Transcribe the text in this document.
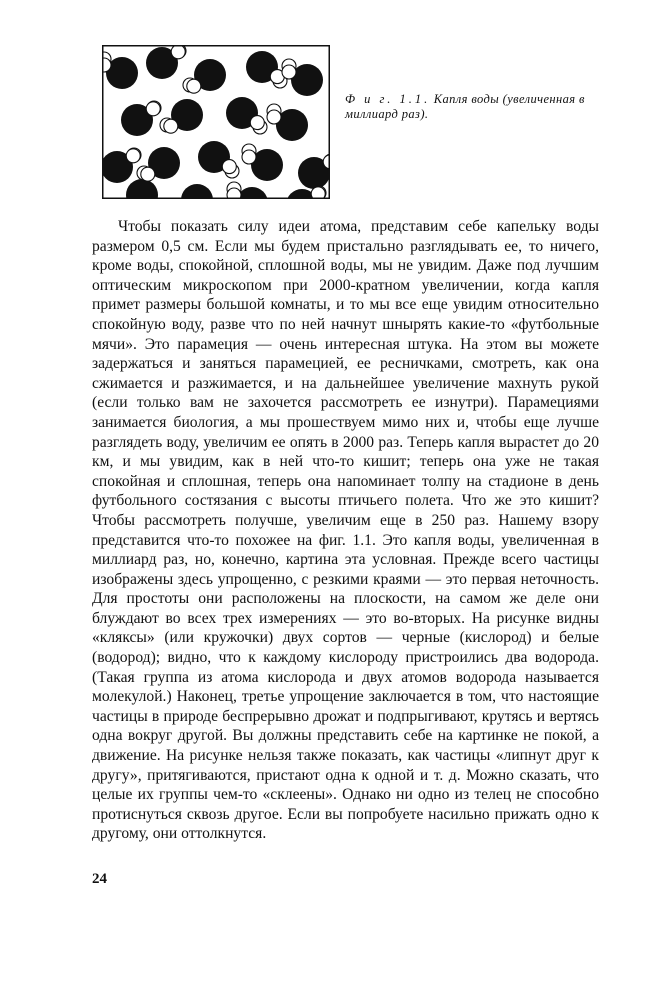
Ф и г. 1.1. Капля воды (увеличенная в миллиард раз).

Чтобы показать силу идеи атома, представим себе капельку воды размером 0,5 см. Если мы будем пристально разглядывать ее, то ничего, кроме воды, спокойной, сплошной воды, мы не увидим. Даже под лучшим оптическим микроскопом при 2000-кратном увеличении, когда капля примет размеры большой комнаты, и то мы все еще увидим относительно спокойную воду, разве что по ней начнут шнырять какие-то «футбольные мячи». Это парамеция — очень интересная штука. На этом вы можете задержаться и заняться парамецией, ее ресничками, смотреть, как она сжимается и разжимается, и на дальнейшее увеличение махнуть рукой (если только вам не захочется рассмотреть ее изнутри). Парамециями занимается биология, а мы прошествуем мимо них и, чтобы еще лучше разглядеть воду, увеличим ее опять в 2000 раз. Теперь капля вырастет до 20 км, и мы увидим, как в ней что-то кишит; теперь она уже не такая спокойная и сплошная, теперь она напоминает толпу на стадионе в день футбольного состязания с высоты птичьего полета. Что же это кишит? Чтобы рассмотреть получше, увеличим еще в 250 раз. Нашему взору представится что-то похожее на фиг. 1.1. Это капля воды, увеличенная в миллиард раз, но, конечно, картина эта условная. Прежде всего частицы изображены здесь упрощенно, с резкими краями — это первая неточность. Для простоты они расположены на плоскости, на самом же деле они блуждают во всех трех измерениях — это во-вторых. На рисунке видны «кляксы» (или кружочки) двух сортов — черные (кислород) и белые (водород); видно, что к каждому кислороду пристроились два водорода. (Такая группа из атома кислорода и двух атомов водорода называется молекулой.) Наконец, третье упрощение заключается в том, что настоящие частицы в природе беспрерывно дрожат и подпрыгивают, крутясь и вертясь одна вокруг другой. Вы должны представить себе на картинке не покой, а движение. На рисунке нельзя также показать, как частицы «липнут друг к другу», притягиваются, пристают одна к одной и т. д. Можно сказать, что целые их группы чем-то «склеены». Однако ни одно из телец не способно протиснуться сквозь другое. Если вы попробуете насильно прижать одно к другому, они оттолкнутся.

24
